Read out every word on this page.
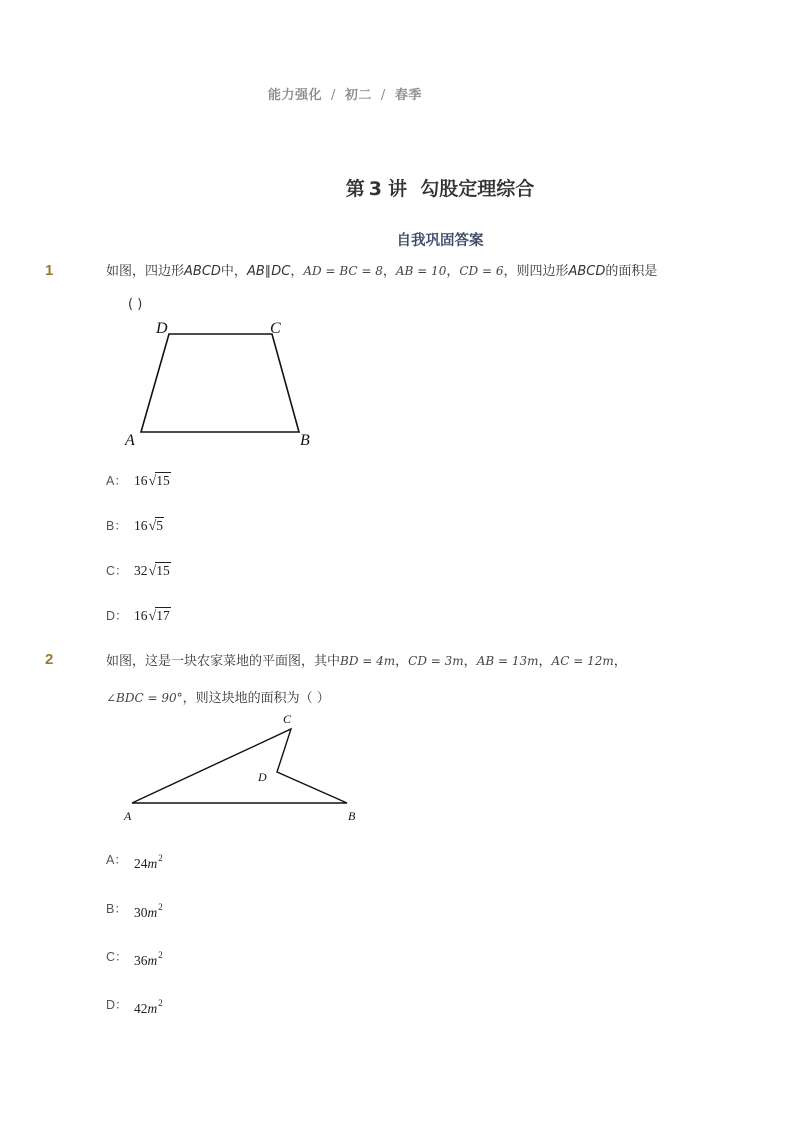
能力强化 / 初二 / 春季
第 3 讲 勾股定理综合
自我巩固答案
1	如图，四边形ABCD中，AB∥DC，AD = BC = 8，AB = 10，CD = 6，则四边形ABCD的面积是
( )
D	C
A	B
A： 16√15
B： 16√5
C： 32√15
D： 16√17
2	如图，这是一块农家菜地的平面图，其中BD = 4m，CD = 3m，AB = 13m，AC = 12m，
∠BDC = 90°，则这块地的面积为（ ）
C
D
A	B
A： $24m^2$
B： $30m^2$
C： $36m^2$
D： $42m^2$
